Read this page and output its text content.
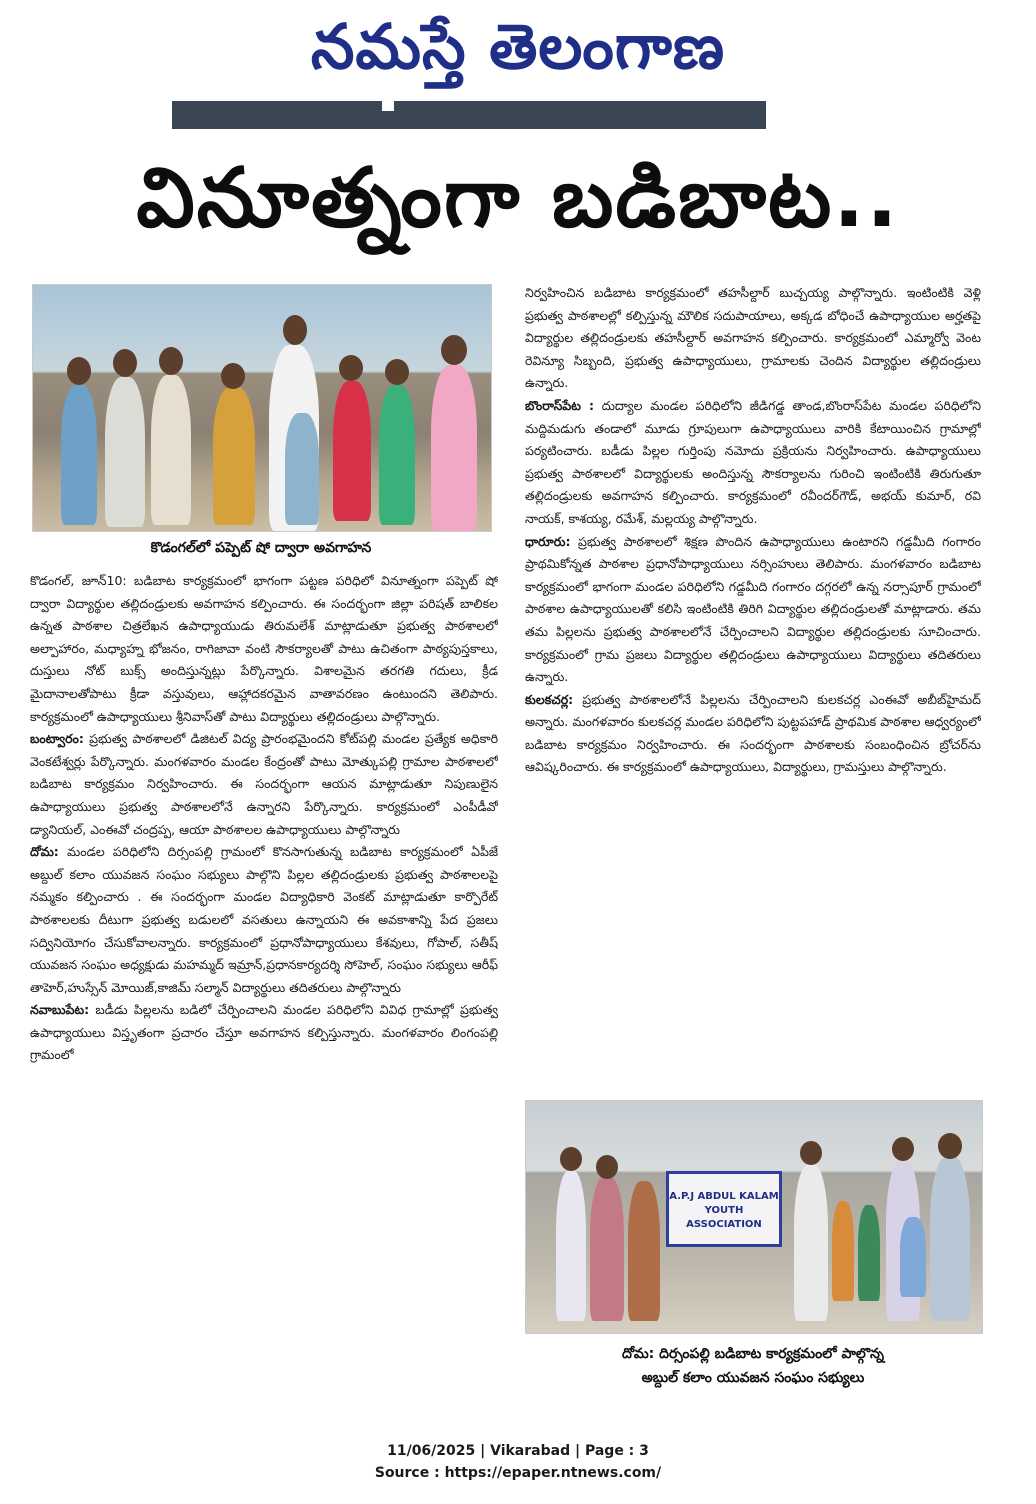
నమస్తే తెలంగాణ
వినూత్నంగా బడిబాట..
కొడంగల్‌లో పప్పెట్ షో ద్వారా అవగాహన

కొడంగల్, జూన్10: బడిబాట కార్యక్రమంలో భాగంగా పట్టణ పరిధిలో వినూత్నంగా పప్పెట్ షో ద్వారా విద్యార్థుల తల్లిదండ్రులకు అవగాహన కల్పించారు. ఈ సందర్భంగా జిల్లా పరిషత్ బాలికల ఉన్నత పాఠశాల చిత్రలేఖన ఉపాధ్యాయుడు తిరుమలేశ్ మాట్లాడుతూ ప్రభుత్వ పాఠశాలలో అల్పాహారం, మధ్యాహ్న భోజనం, రాగిజావా వంటి సౌకర్యాలతో పాటు ఉచితంగా పాఠ్యపుస్తకాలు, దుస్తులు నోట్ బుక్స్ అందిస్తున్నట్లు పేర్కొన్నారు. విశాలమైన తరగతి గదులు, క్రీడ మైదానాలతోపాటు క్రీడా వస్తువులు, ఆహ్లాదకరమైన వాతావరణం ఉంటుందని తెలిపారు. కార్యక్రమంలో ఉపాధ్యాయులు శ్రీనివాస్‌తో పాటు విద్యార్థులు తల్లిదండ్రులు పాల్గొన్నారు.

బంట్వారం: ప్రభుత్వ పాఠశాలలో డిజిటల్ విద్య ప్రారంభమైందని కోట్‌పల్లి మండల ప్రత్యేక అధికారి వెంకటేశ్వర్లు పేర్కొన్నారు. మంగళవారం మండల కేంద్రంతో పాటు మోత్కుపల్లి గ్రామాల పాఠశాలలో బడిబాట కార్యక్రమం నిర్వహించారు. ఈ సందర్భంగా ఆయన మాట్లాడుతూ నిపుణులైన ఉపాధ్యాయులు ప్రభుత్వ పాఠశాలలోనే ఉన్నారని పేర్కొన్నారు. కార్యక్రమంలో ఎంపీడీవో డ్యానియల్, ఎంఈవో చంద్రప్ప, ఆయా పాఠశాలల ఉపాధ్యాయులు పాల్గొన్నారు

దోమ: మండల పరిధిలోని దిర్సంపల్లి గ్రామంలో కొనసాగుతున్న బడిబాట కార్యక్రమంలో ఏపీజే అబ్దుల్ కలాం యువజన సంఘం సభ్యులు పాల్గొని పిల్లల తల్లిదండ్రులకు ప్రభుత్వ పాఠశాలలపై నమ్మకం కల్పించారు . ఈ సందర్భంగా మండల విద్యాధికారి వెంకట్ మాట్లాడుతూ కార్పొరేట్ పాఠశాలలకు దీటుగా ప్రభుత్వ బడులలో వసతులు ఉన్నాయని ఈ అవకాశాన్ని పేద ప్రజలు సద్వినియోగం చేసుకోవాలన్నారు. కార్యక్రమంలో ప్రధానోపాధ్యాయులు కేశవులు, గోపాల్, సతీష్ యువజన సంఘం అధ్యక్షుడు మహమ్మద్ ఇమ్రాన్,ప్రధానకార్యదర్శి సోహెల్, సంఘం సభ్యులు ఆరీఫ్ తాహెర్,హుస్సేన్ మోయిజ్,కాజిమ్ సల్మాన్ విద్యార్థులు తదితరులు పాల్గొన్నారు

నవాబుపేట: బడీడు పిల్లలను బడిలో చేర్పించాలని మండల పరిధిలోని వివిధ గ్రామాల్లో ప్రభుత్వ ఉపాధ్యాయులు విస్తృతంగా ప్రచారం చేస్తూ అవగాహన కల్పిస్తున్నారు. మంగళవారం లింగంపల్లి గ్రామంలో

నిర్వహించిన బడిబాట కార్యక్రమంలో తహసీల్దార్ బుచ్చయ్య పాల్గొన్నారు. ఇంటింటికి వెళ్లి ప్రభుత్వ పాఠశాలల్లో కల్పిస్తున్న మౌలిక సదుపాయాలు, అక్కడ బోధించే ఉపాధ్యాయుల అర్హతపై విద్యార్థుల తల్లిదండ్రులకు తహసీల్దార్ అవగాహన కల్పించారు. కార్యక్రమంలో ఎమ్మార్వో వెంట రెవిన్యూ సిబ్బంది, ప్రభుత్వ ఉపాధ్యాయులు, గ్రామాలకు చెందిన విద్యార్థుల తల్లిదండ్రులు ఉన్నారు.

బొంరాస్‌పేట : దుద్యాల మండల పరిధిలోని జీడిగడ్డ తాండ,బొంరాస్‌పేట మండల పరిధిలోని మద్దిమడుగు తండాలో మూడు గ్రూపులుగా ఉపాధ్యాయులు వారికి కేటాయించిన గ్రామాల్లో పర్యటించారు. బడీడు పిల్లల గుర్తింపు నమోదు ప్రక్రియను నిర్వహించారు. ఉపాధ్యాయులు ప్రభుత్వ పాఠశాలలో విద్యార్థులకు అందిస్తున్న సౌకర్యాలను గురించి ఇంటింటికి తిరుగుతూ తల్లిదండ్రులకు అవగాహన కల్పించారు. కార్యక్రమంలో రవీందర్‌గౌడ్, అభయ్ కుమార్, రవి నాయక్, కాశయ్య, రమేశ్, మల్లయ్య పాల్గొన్నారు.

ధారూరు: ప్రభుత్వ పాఠశాలలో శిక్షణ పొందిన ఉపాధ్యాయులు ఉంటారని గడ్డమీది గంగారం ప్రాథమికోన్నత పాఠశాల ప్రధానోపాధ్యాయులు నర్సింహులు తెలిపారు. మంగళవారం బడిబాట కార్యక్రమంలో భాగంగా మండల పరిధిలోని గడ్డమీది గంగారం దగ్గరలో ఉన్న నర్సాపూర్ గ్రామంలో పాఠశాల ఉపాధ్యాయులతో కలిసి ఇంటింటికి తిరిగి విద్యార్థుల తల్లిదండ్రులతో మాట్లాడారు. తమ తమ పిల్లలను ప్రభుత్వ పాఠశాలలోనే చేర్పించాలని విద్యార్థుల తల్లిదండ్రులకు సూచించారు. కార్యక్రమంలో గ్రామ ప్రజలు విద్యార్థుల తల్లిదండ్రులు ఉపాధ్యాయులు విద్యార్థులు తదితరులు ఉన్నారు.

కులకచర్ల: ప్రభుత్వ పాఠశాలలోనే పిల్లలను చేర్పించాలని కులకచర్ల ఎంఈవో అబీబ్‌హైమద్ అన్నారు. మంగళవారం కులకచర్ల మండల పరిధిలోని పుట్టపహాడ్ ప్రాథమిక పాఠశాల ఆధ్వర్యంలో బడిబాట కార్యక్రమం నిర్వహించారు. ఈ సందర్భంగా పాఠశాలకు సంబంధించిన బ్రోచర్‌ను ఆవిష్కరించారు. ఈ కార్యక్రమంలో ఉపాధ్యాయులు, విద్యార్థులు, గ్రామస్తులు పాల్గొన్నారు.

A.P.J ABDUL KALAM YOUTH ASSOCIATION
దోమ: దిర్సంపల్లి బడిబాట కార్యక్రమంలో పాల్గొన్న
అబ్దుల్ కలాం యువజన సంఘం సభ్యులు
11/06/2025 | Vikarabad | Page : 3
Source : https://epaper.ntnews.com/
